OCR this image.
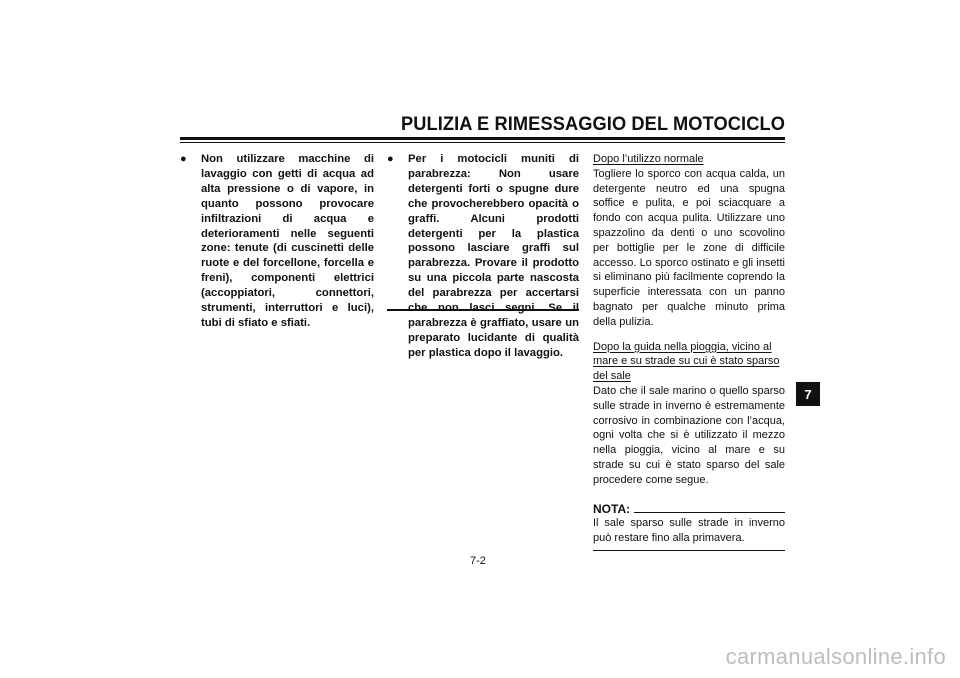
PULIZIA E RIMESSAGGIO DEL MOTOCICLO
●	Non utilizzare macchine di lavaggio con getti di acqua ad alta pressione o di vapore, in quanto possono provocare infiltrazioni di acqua e deterioramenti nelle seguenti zone: tenute (di cuscinetti delle ruote e del forcellone, forcella e freni), componenti elettrici (accoppiatori, connettori, strumenti, interruttori e luci), tubi di sfiato e sfiati.
●	Per i motocicli muniti di parabrezza: Non usare detergenti forti o spugne dure che provocherebbero opacità o graffi. Alcuni prodotti detergenti per la plastica possono lasciare graffi sul parabrezza. Provare il prodotto su una piccola parte nascosta del parabrezza per accertarsi parabrezza è graffiato, usare un preparato lucidante di qualità per plastica dopo il lavaggio.
Dopo l’utilizzo normale

Togliere lo sporco con acqua calda, un detergente neutro ed una spugna soffice e pulita, e poi sciacquare a fondo con acqua pulita. Utilizzare uno spazzolino da denti o uno scovolino per bottiglie per le zone di difficile accesso. Lo sporco ostinato e gli insetti si eliminano più facilmente coprendo la superficie interessata con un panno bagnato per qualche minuto prima della pulizia.

Dopo la guida nella pioggia, vicino al mare e su strade su cui è stato sparso del sale

Dato che il sale marino o quello sparso sulle strade in inverno è estremamente corrosivo in combinazione con l’acqua, ogni volta che si è utilizzato il mezzo nella pioggia, vicino al mare e su strade su cui è stato sparso del sale procedere come segue.

NOTA:

Il sale sparso sulle strade in inverno può restare fino alla primavera.

7
7-2
carmanualsonline.info
